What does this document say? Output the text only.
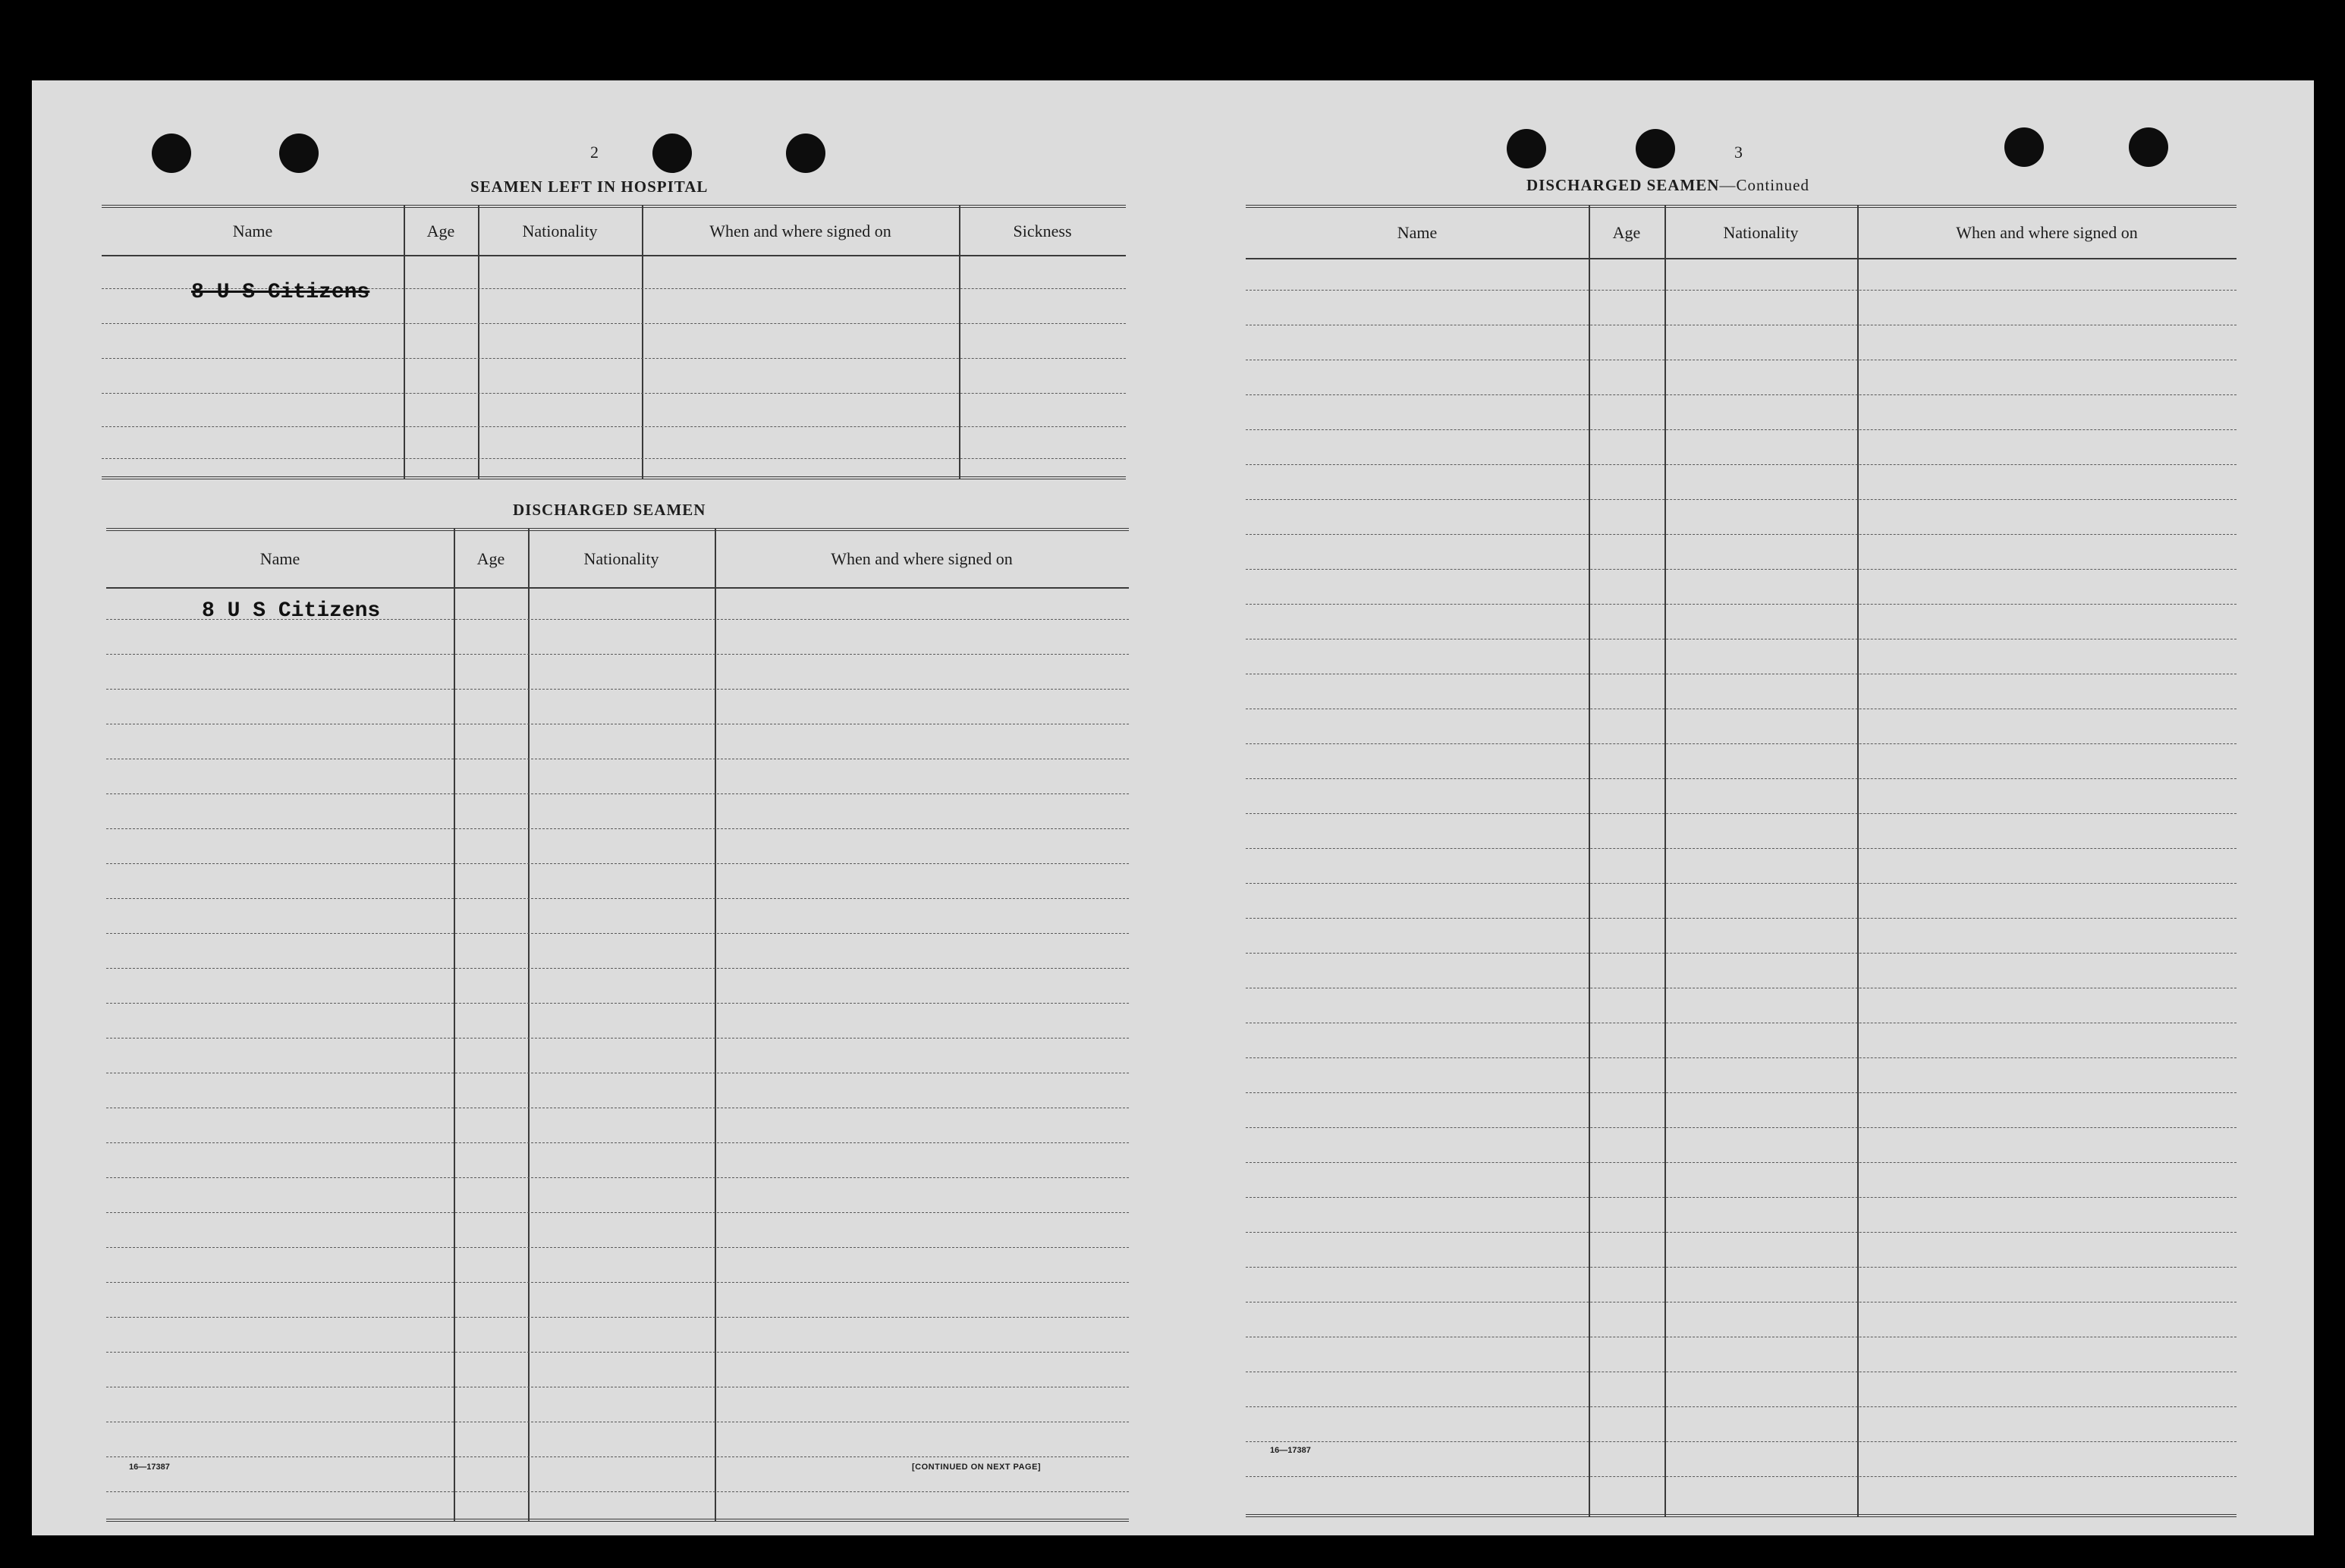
2
SEAMEN LEFT IN HOSPITAL
Name	Age	Nationality	When and where signed on	Sickness
8 U S Citizens
DISCHARGED SEAMEN
Name	Age	Nationality	When and where signed on
8 U S Citizens
16—17387	[CONTINUED ON NEXT PAGE]
3
DISCHARGED SEAMEN—Continued
Name	Age	Nationality	When and where signed on
16—17387
